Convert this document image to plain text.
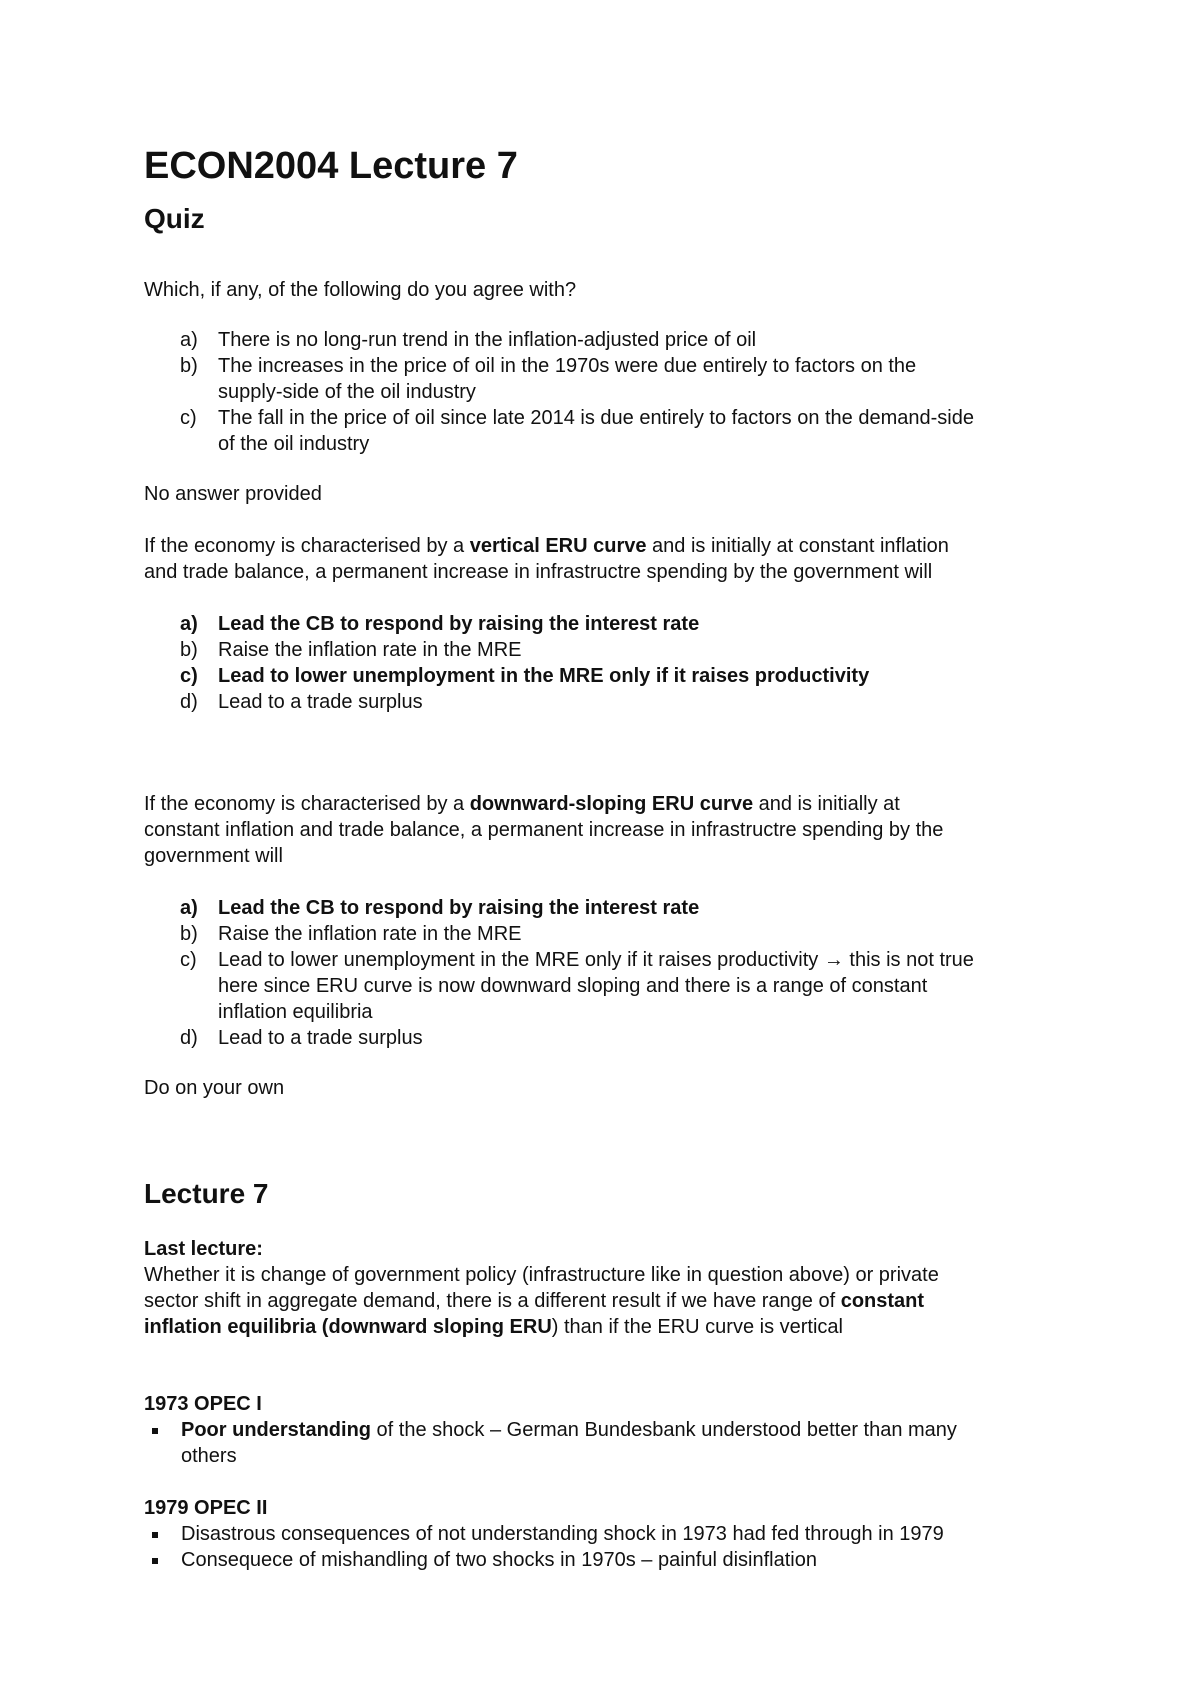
ECON2004 Lecture 7
Quiz
Which, if any, of the following do you agree with?
a) There is no long-run trend in the inflation-adjusted price of oil
b) The increases in the price of oil in the 1970s were due entirely to factors on the
supply-side of the oil industry
c) The fall in the price of oil since late 2014 is due entirely to factors on the demand-side
of the oil industry
No answer provided
If the economy is characterised by a vertical ERU curve and is initially at constant inflation
and trade balance, a permanent increase in infrastructre spending by the government will
a) Lead the CB to respond by raising the interest rate
b) Raise the inflation rate in the MRE
c) Lead to lower unemployment in the MRE only if it raises productivity
d) Lead to a trade surplus
If the economy is characterised by a downward-sloping ERU curve and is initially at
constant inflation and trade balance, a permanent increase in infrastructre spending by the
government will
a) Lead the CB to respond by raising the interest rate
b) Raise the inflation rate in the MRE
c) Lead to lower unemployment in the MRE only if it raises productivity → this is not true
here since ERU curve is now downward sloping and there is a range of constant
inflation equilibria
d) Lead to a trade surplus
Do on your own
Lecture 7
Last lecture:
Whether it is change of government policy (infrastructure like in question above) or private
sector shift in aggregate demand, there is a different result if we have range of constant
inflation equilibria (downward sloping ERU) than if the ERU curve is vertical
1973 OPEC I
Poor understanding of the shock – German Bundesbank understood better than many
others
1979 OPEC II
Disastrous consequences of not understanding shock in 1973 had fed through in 1979
Consequece of mishandling of two shocks in 1970s – painful disinflation
